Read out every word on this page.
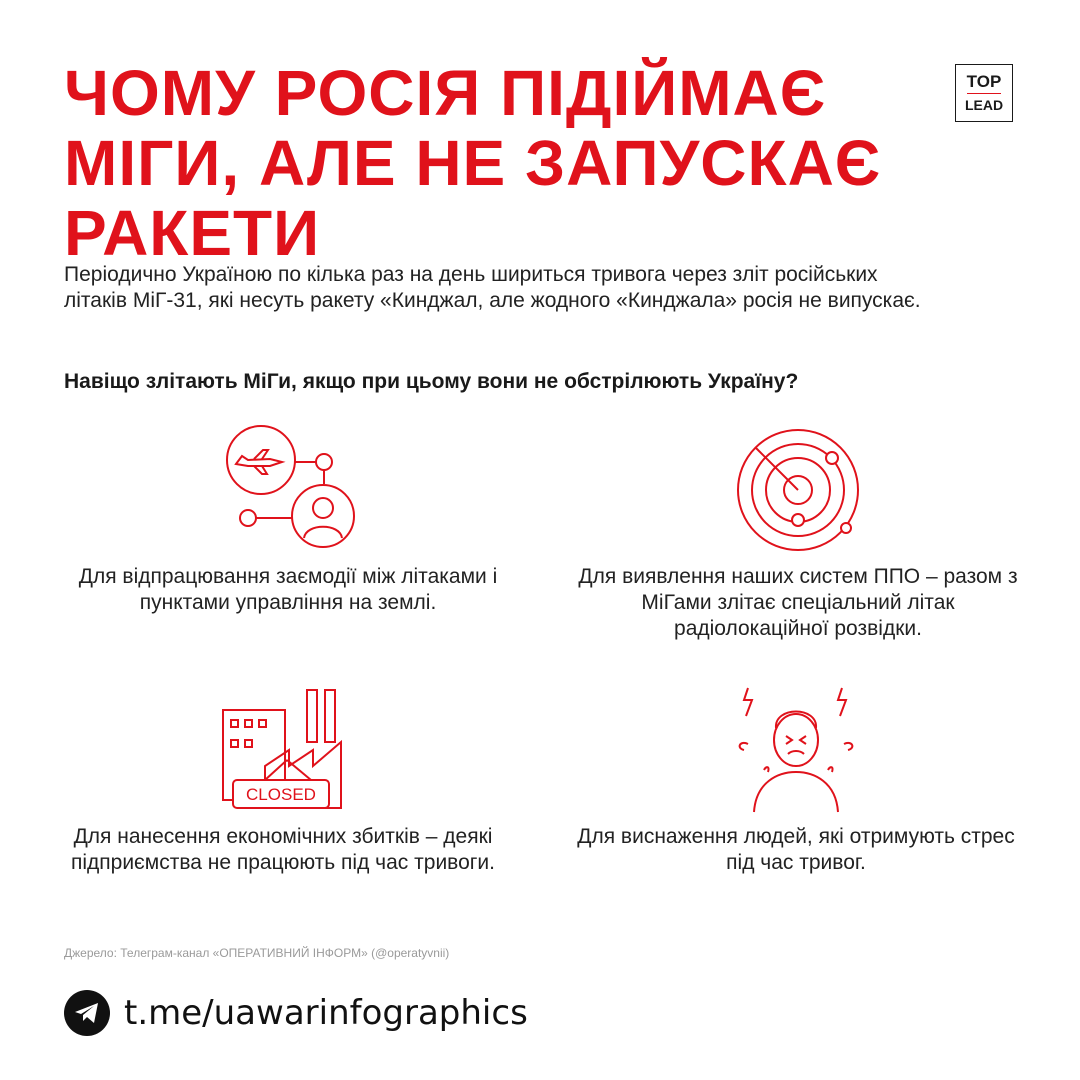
ЧОМУ РОСІЯ ПІДІЙМАЄ
МІГИ, АЛЕ НЕ ЗАПУСКАЄ
РАКЕТИ
TOP
LEAD

Періодично Україною по кілька раз на день шириться тривога через зліт російських літаків МіГ-31, які несуть ракету «Кинджал, але жодного «Кинджала» росія не випускає.

Навіщо злітають МіГи, якщо при цьому вони не обстрілюють Україну?

Для відпрацювання заємодії між літаками і пунктами управління на землі.

Для виявлення наших систем ППО – разом з МіГами злітає спеціальний літак радіолокаційної розвідки.

CLOSED

Для нанесення економічних збитків – деякі підприємства не працюють під час тривоги.

Для виснаження людей, які отримують стрес під час тривог.

Джерело: Телеграм-канал «ОПЕРАТИВНИЙ ІНФОРМ» (@operatyvnii)

t.me/uawarinfographics
